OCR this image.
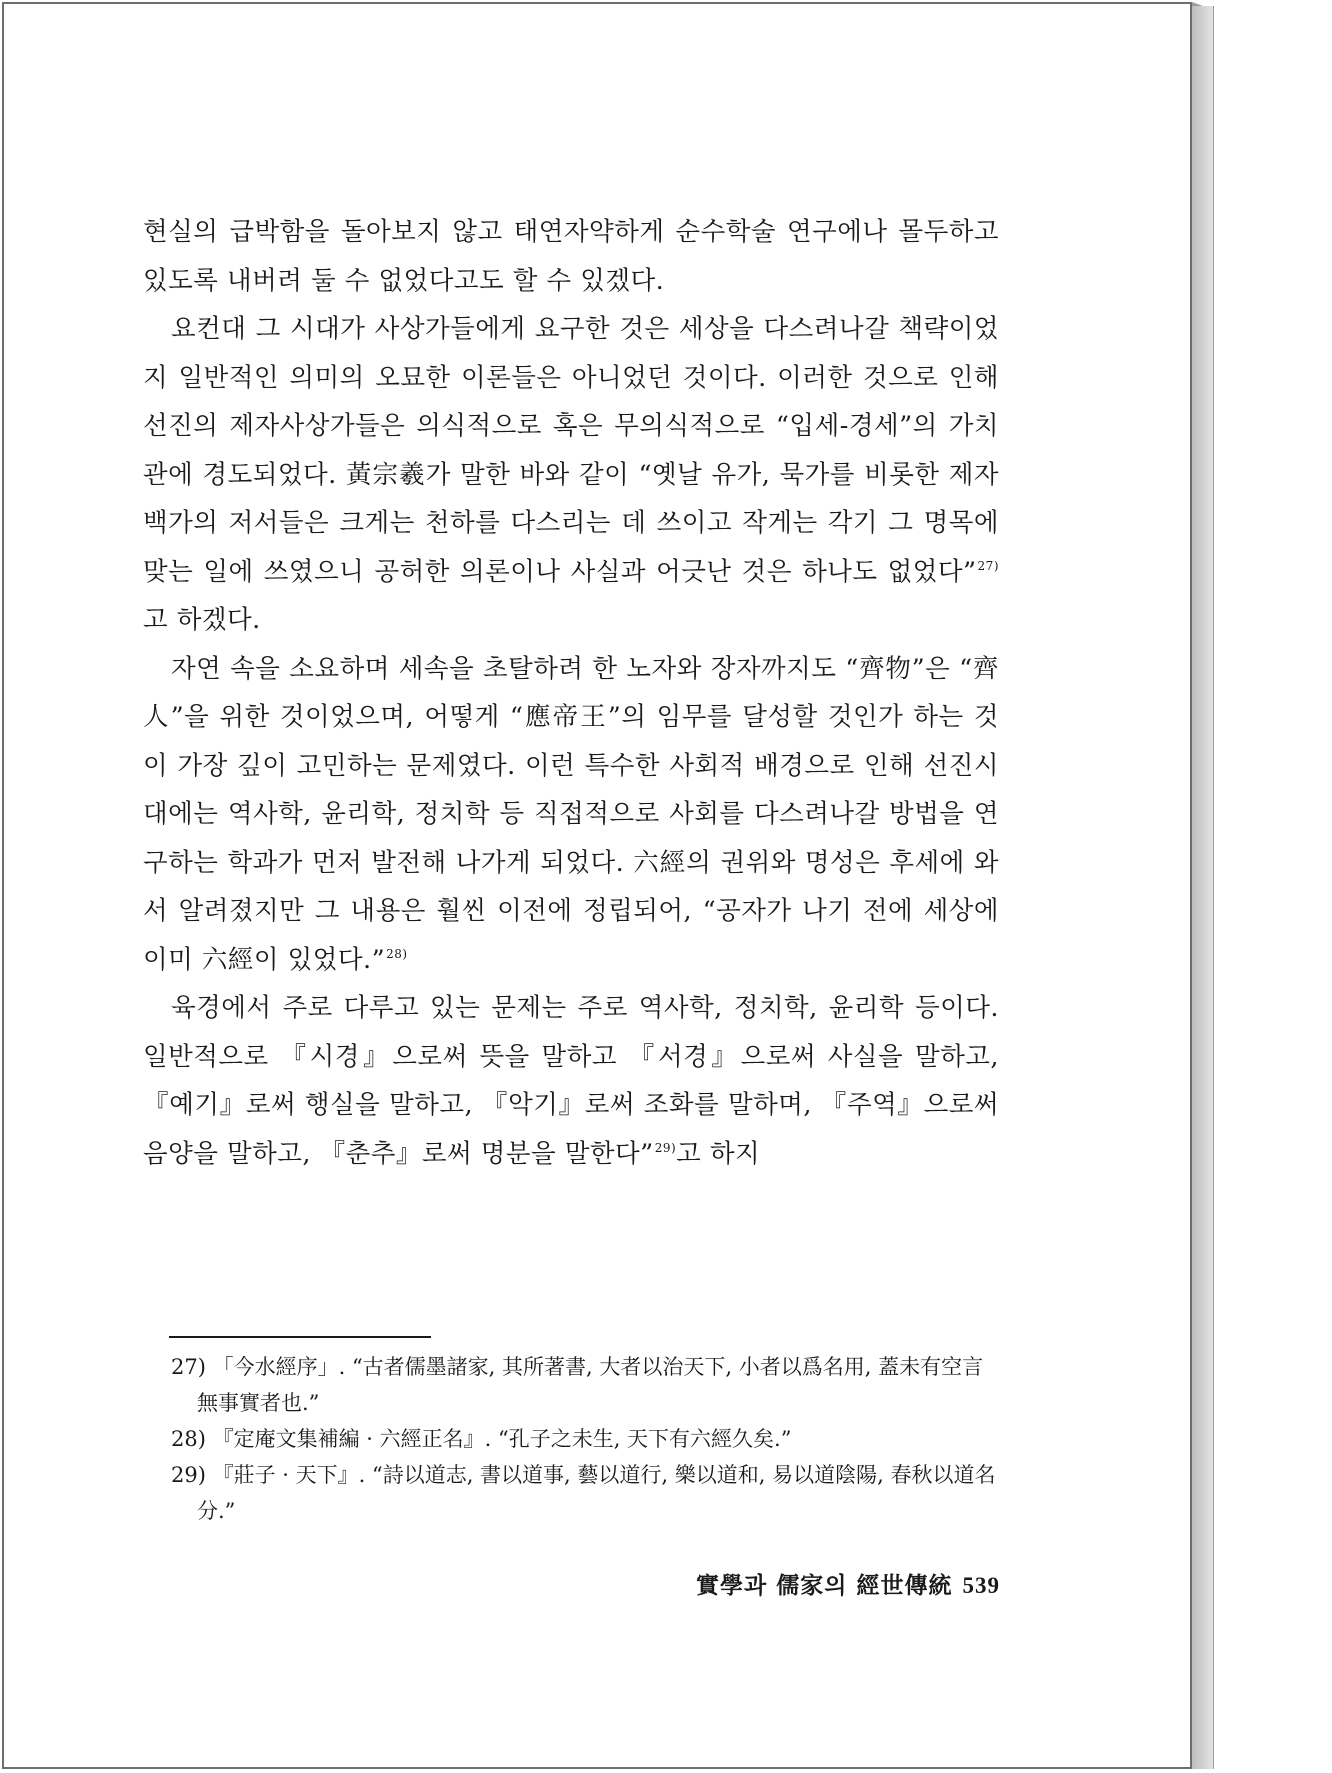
현실의 급박함을 돌아보지 않고 태연자약하게 순수학술 연구에나 몰두하고 있도록 내버려 둘 수 없었다고도 할 수 있겠다.

요컨대 그 시대가 사상가들에게 요구한 것은 세상을 다스려나갈 책략이었지 일반적인 의미의 오묘한 이론들은 아니었던 것이다. 이러한 것으로 인해 선진의 제자사상가들은 의식적으로 혹은 무의식적으로 “입세-경세”의 가치관에 경도되었다. 黃宗羲가 말한 바와 같이 “옛날 유가, 묵가를 비롯한 제자백가의 저서들은 크게는 천하를 다스리는 데 쓰이고 작게는 각기 그 명목에 맞는 일에 쓰였으니 공허한 의론이나 사실과 어긋난 것은 하나도 없었다”$^{27)}$고 하겠다.

자연 속을 소요하며 세속을 초탈하려 한 노자와 장자까지도 “齊物”은 “齊人”을 위한 것이었으며, 어떻게 “應帝王”의 임무를 달성할 것인가 하는 것이 가장 깊이 고민하는 문제였다. 이런 특수한 사회적 배경으로 인해 선진시대에는 역사학, 윤리학, 정치학 등 직접적으로 사회를 다스려나갈 방법을 연구하는 학과가 먼저 발전해 나가게 되었다. 六經의 권위와 명성은 후세에 와서 알려졌지만 그 내용은 훨씬 이전에 정립되어, “공자가 나기 전에 세상에 이미 六經이 있었다.”$^{28)}$

육경에서 주로 다루고 있는 문제는 주로 역사학, 정치학, 윤리학 등이다. 일반적으로 『시경』으로써 뜻을 말하고 『서경』으로써 사실을 말하고, 『예기』로써 행실을 말하고, 『악기』로써 조화를 말하며, 『주역』으로써 음양을 말하고, 『춘추』로써 명분을 말한다”$^{29)}$고 하지

27) 「今水經序」. “古者儒墨諸家, 其所著書, 大者以治天下, 小者以爲名用, 蓋未有空言無事實者也.”

28) 『定庵文集補編 · 六經正名』. “孔子之未生, 天下有六經久矣.”

29) 『莊子 · 天下』. “詩以道志, 書以道事, 藝以道行, 樂以道和, 易以道陰陽, 春秋以道名分.”

實學과 儒家의 經世傳統 539
